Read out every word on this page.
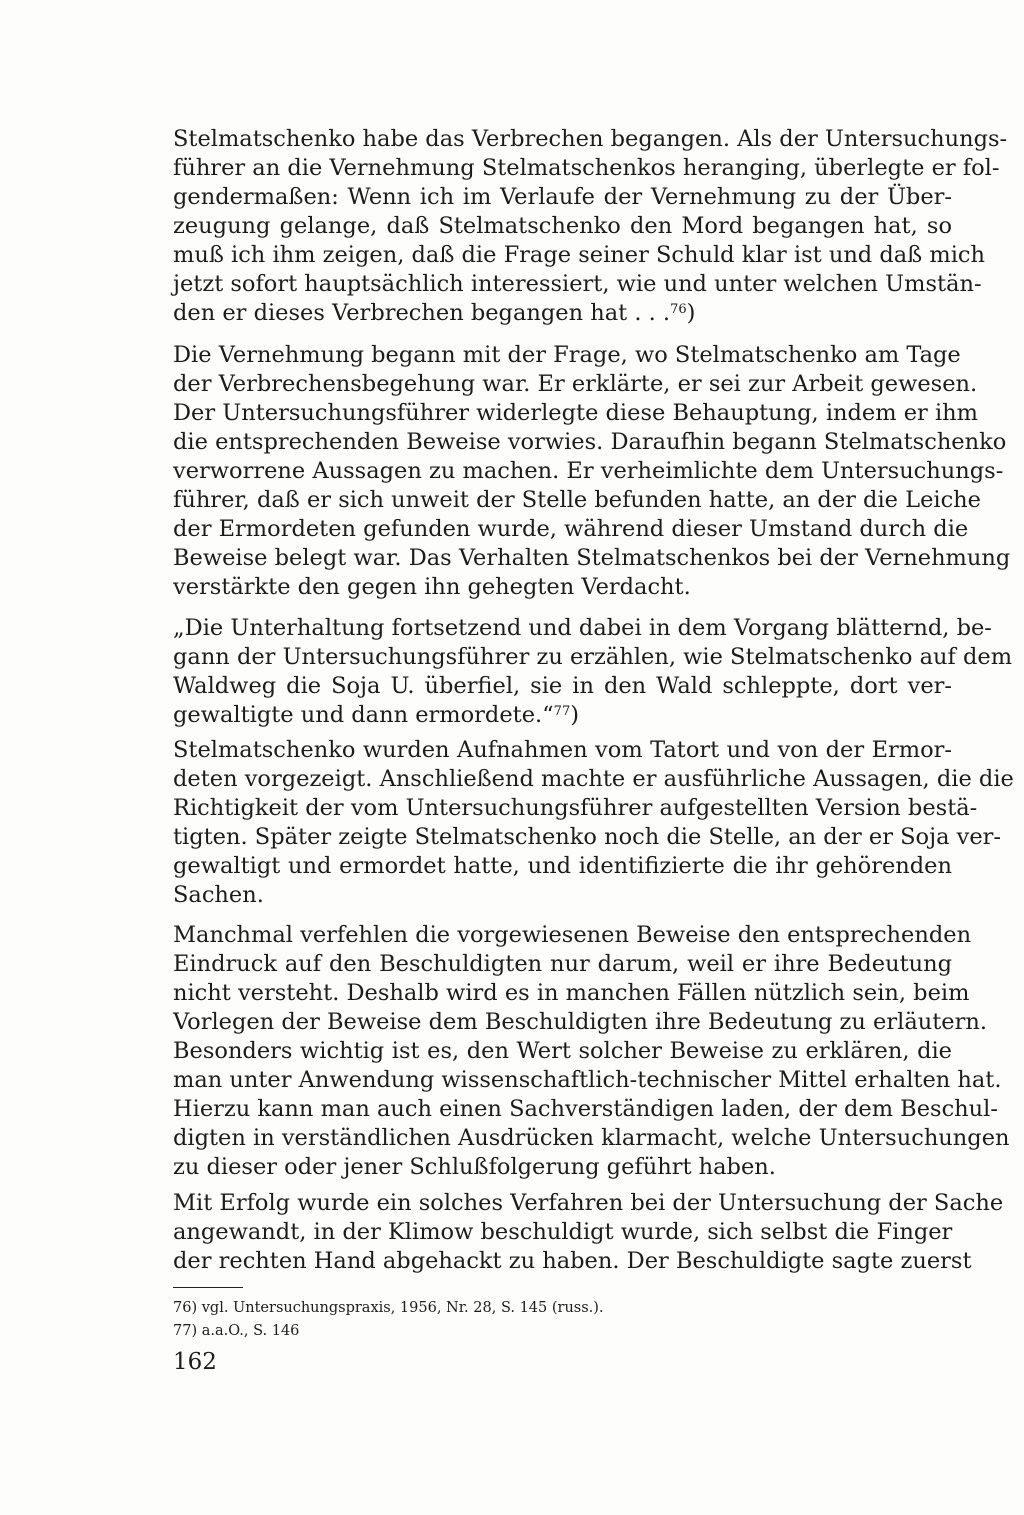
Stelmatschenko habe das Verbrechen begangen. Als der Untersuchungs-
führer an die Vernehmung Stelmatschenkos heranging, überlegte er fol-
gendermaßen: Wenn ich im Verlaufe der Vernehmung zu der Über-
zeugung gelange, daß Stelmatschenko den Mord begangen hat, so
muß ich ihm zeigen, daß die Frage seiner Schuld klar ist und daß mich
jetzt sofort hauptsächlich interessiert, wie und unter welchen Umstän-
den er dieses Verbrechen begangen hat . . .$^{76}$)
Die Vernehmung begann mit der Frage, wo Stelmatschenko am Tage
der Verbrechensbegehung war. Er erklärte, er sei zur Arbeit gewesen.
Der Untersuchungsführer widerlegte diese Behauptung, indem er ihm
die entsprechenden Beweise vorwies. Daraufhin begann Stelmatschenko
verworrene Aussagen zu machen. Er verheimlichte dem Untersuchungs-
führer, daß er sich unweit der Stelle befunden hatte, an der die Leiche
der Ermordeten gefunden wurde, während dieser Umstand durch die
Beweise belegt war. Das Verhalten Stelmatschenkos bei der Vernehmung
verstärkte den gegen ihn gehegten Verdacht.
„Die Unterhaltung fortsetzend und dabei in dem Vorgang blätternd, be-
gann der Untersuchungsführer zu erzählen, wie Stelmatschenko auf dem
Waldweg die Soja U. überfiel, sie in den Wald schleppte, dort ver-
gewaltigte und dann ermordete.“$^{77}$)
Stelmatschenko wurden Aufnahmen vom Tatort und von der Ermor-
deten vorgezeigt. Anschließend machte er ausführliche Aussagen, die die
Richtigkeit der vom Untersuchungsführer aufgestellten Version bestä-
tigten. Später zeigte Stelmatschenko noch die Stelle, an der er Soja ver-
gewaltigt und ermordet hatte, und identifizierte die ihr gehörenden
Sachen.
Manchmal verfehlen die vorgewiesenen Beweise den entsprechenden
Eindruck auf den Beschuldigten nur darum, weil er ihre Bedeutung
nicht versteht. Deshalb wird es in manchen Fällen nützlich sein, beim
Vorlegen der Beweise dem Beschuldigten ihre Bedeutung zu erläutern.
Besonders wichtig ist es, den Wert solcher Beweise zu erklären, die
man unter Anwendung wissenschaftlich-technischer Mittel erhalten hat.
Hierzu kann man auch einen Sachverständigen laden, der dem Beschul-
digten in verständlichen Ausdrücken klarmacht, welche Untersuchungen
zu dieser oder jener Schlußfolgerung geführt haben.
Mit Erfolg wurde ein solches Verfahren bei der Untersuchung der Sache
angewandt, in der Klimow beschuldigt wurde, sich selbst die Finger
der rechten Hand abgehackt zu haben. Der Beschuldigte sagte zuerst
76) vgl. Untersuchungspraxis, 1956, Nr. 28, S. 145 (russ.).
77) a.a.O., S. 146
162
